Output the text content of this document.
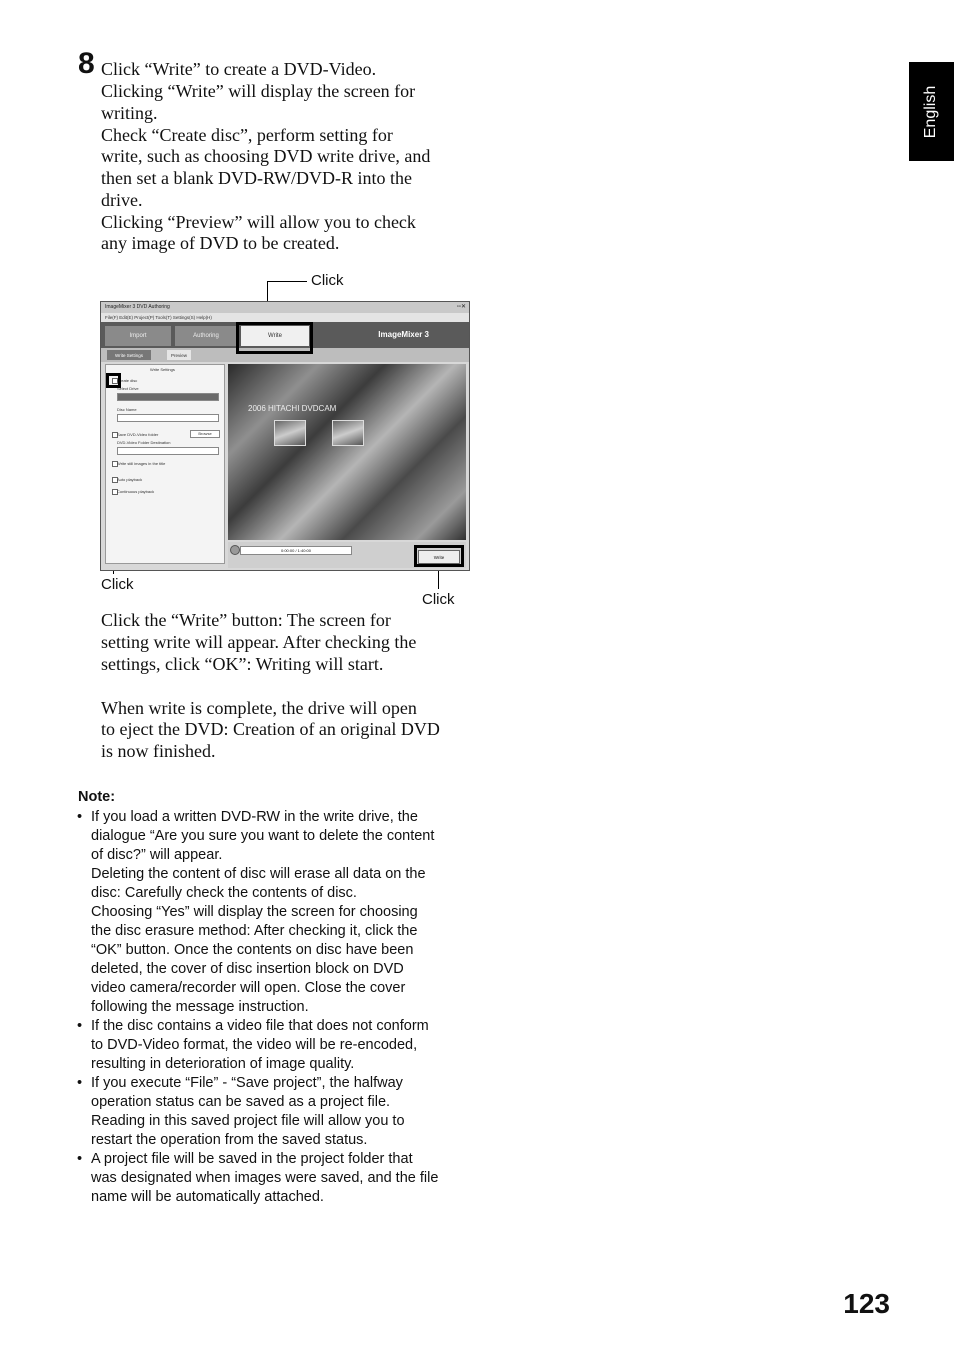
English
8 Click “Write” to create a DVD-Video.
Clicking “Write” will display the screen for
writing.
Check “Create disc”, perform setting for
write, such as choosing DVD write drive, and
then set a blank DVD-RW/DVD-R into the
drive.
Clicking “Preview” will allow you to check
any image of DVD to be created.
Click
Click
Click
ImageMixer 3 DVD Authoring	▫▫✕
File(F) Edit(E) Project(P) Tools(T) Settings(S) Help(H)
Import	Authoring	Write	ImageMixer 3
Write Settings	Preview
Write Settings
Create disc
Select Drive
Disc Name
Save DVD-Video folder	Browse
DVD-Video Folder Destination
Write still images in the title
Auto playback
Continuous playback
2006 HITACHI DVDCAM
0:00:00 / 1:40:00
Write
Click the “Write” button: The screen for
setting write will appear. After checking the
settings, click “OK”: Writing will start.
When write is complete, the drive will open
to eject the DVD: Creation of an original DVD
is now finished.
Note:
• If you load a written DVD-RW in the write drive, the
dialogue “Are you sure you want to delete the content
of disc?” will appear.
Deleting the content of disc will erase all data on the
disc: Carefully check the contents of disc.
Choosing “Yes” will display the screen for choosing
the disc erasure method: After checking it, click the
“OK” button. Once the contents on disc have been
deleted, the cover of disc insertion block on DVD
video camera/recorder will open. Close the cover
following the message instruction.
• If the disc contains a video file that does not conform
to DVD-Video format, the video will be re-encoded,
resulting in deterioration of image quality.
• If you execute “File” - “Save project”, the halfway
operation status can be saved as a project file.
Reading in this saved project file will allow you to
restart the operation from the saved status.
• A project file will be saved in the project folder that
was designated when images were saved, and the file
name will be automatically attached.
123
